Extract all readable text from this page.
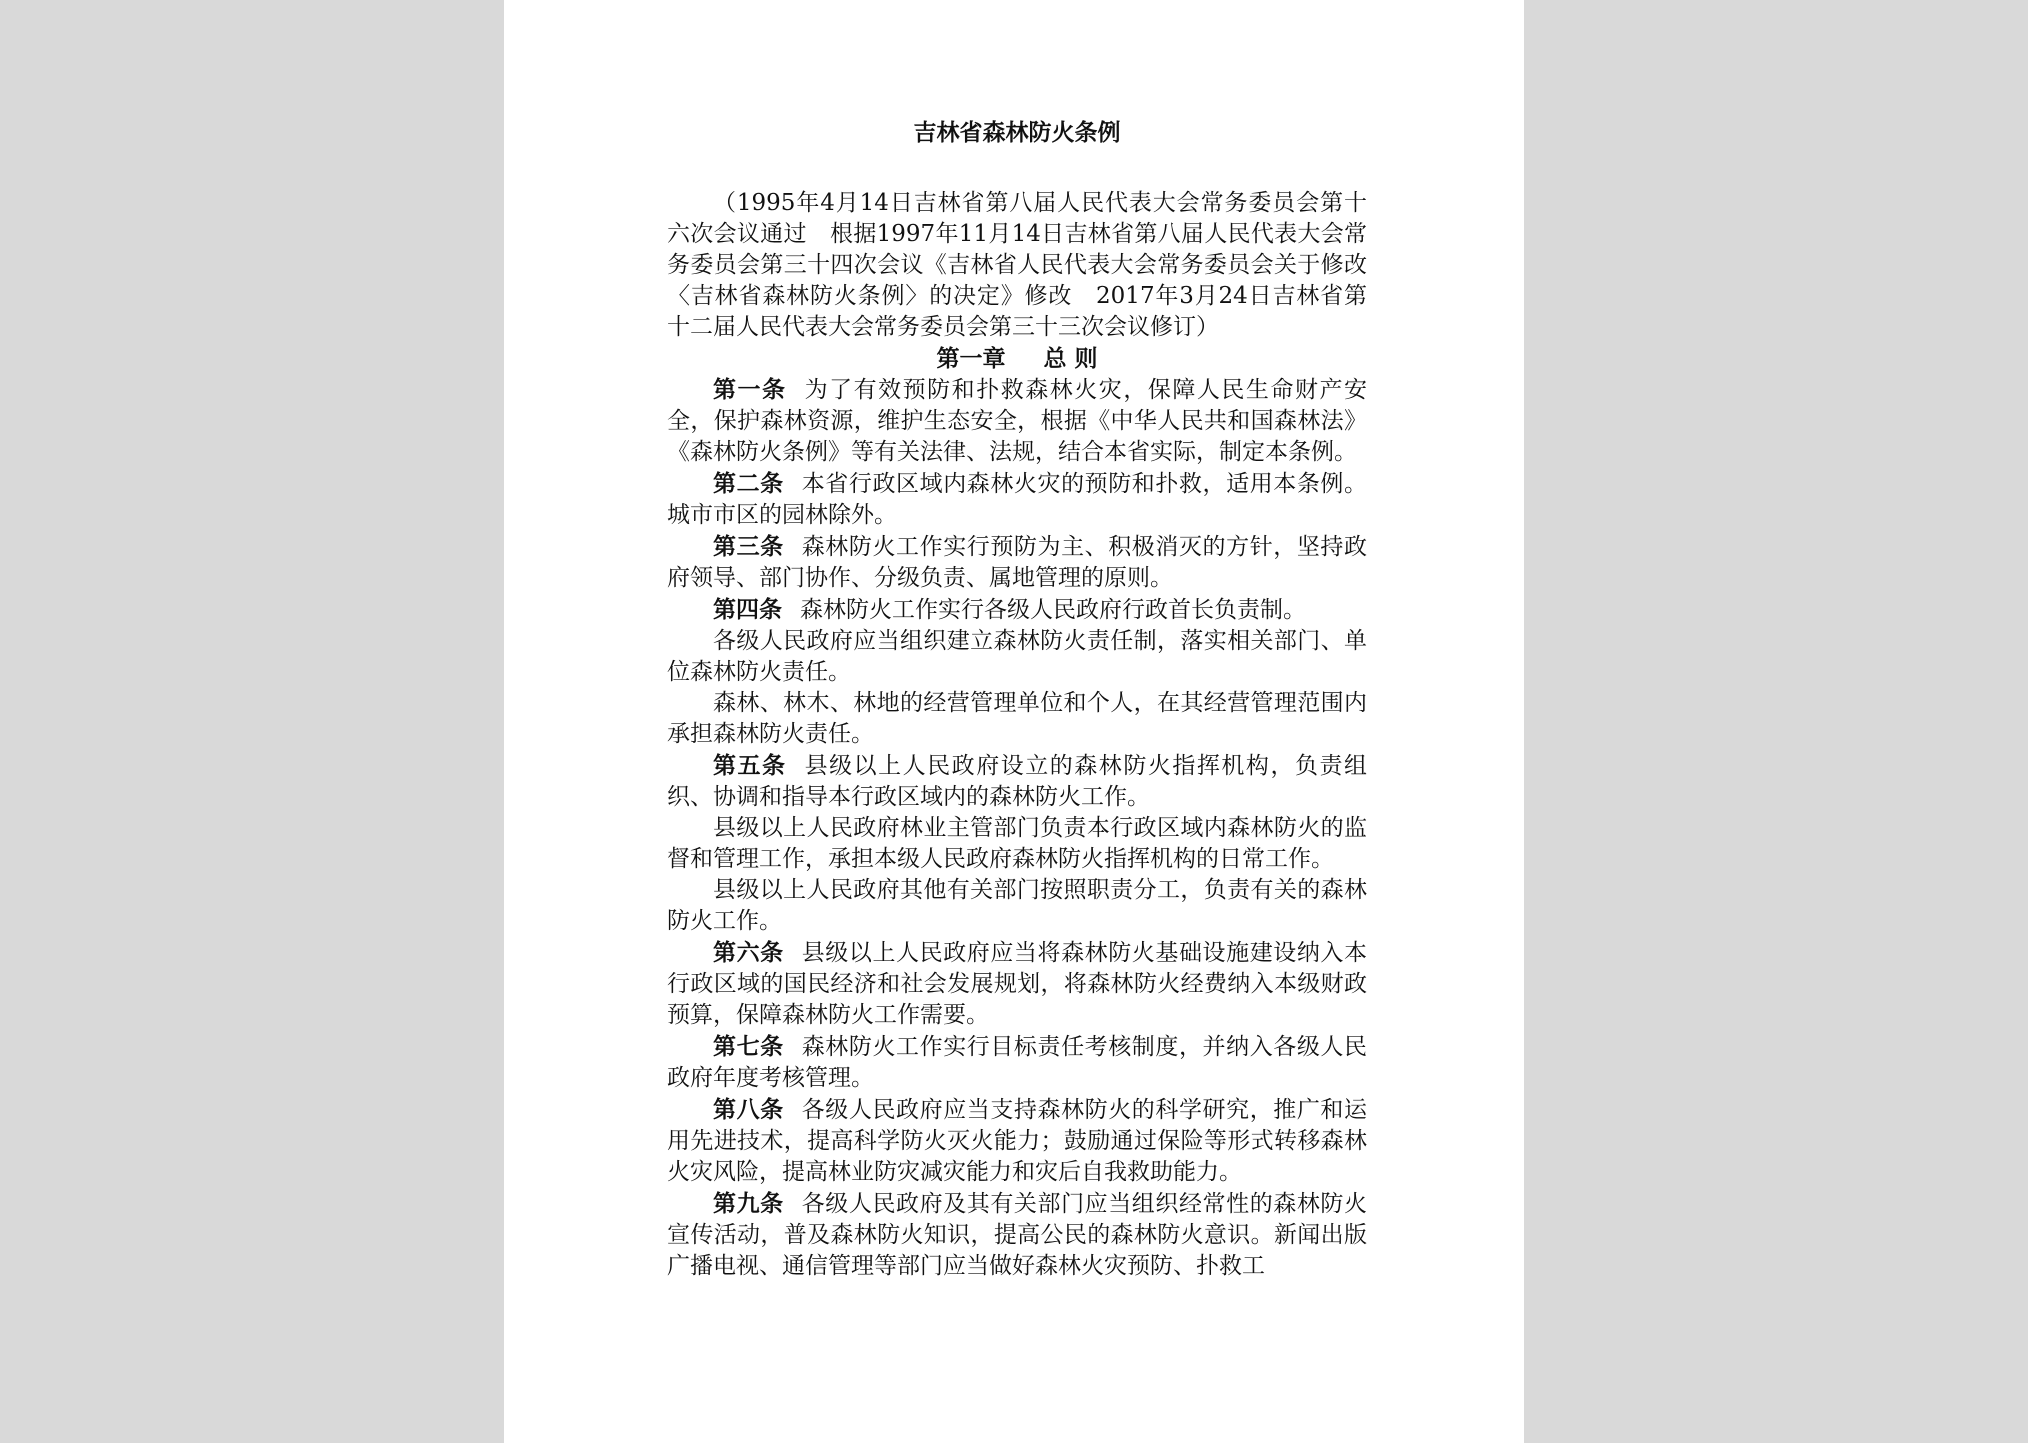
吉林省森林防火条例

（1995年4月14日吉林省第八届人民代表大会常务委员会第十六次会议通过　根据1997年11月14日吉林省第八届人民代表大会常务委员会第三十四次会议《吉林省人民代表大会常务委员会关于修改〈吉林省森林防火条例〉的决定》修改　2017年3月24日吉林省第十二届人民代表大会常务委员会第三十三次会议修订）

第一章 总 则

第一条 为了有效预防和扑救森林火灾，保障人民生命财产安全，保护森林资源，维护生态安全，根据《中华人民共和国森林法》《森林防火条例》等有关法律、法规，结合本省实际，制定本条例。

第二条 本省行政区域内森林火灾的预防和扑救，适用本条例。城市市区的园林除外。

第三条 森林防火工作实行预防为主、积极消灭的方针，坚持政府领导、部门协作、分级负责、属地管理的原则。

第四条 森林防火工作实行各级人民政府行政首长负责制。

各级人民政府应当组织建立森林防火责任制，落实相关部门、单位森林防火责任。

森林、林木、林地的经营管理单位和个人，在其经营管理范围内承担森林防火责任。

第五条 县级以上人民政府设立的森林防火指挥机构，负责组织、协调和指导本行政区域内的森林防火工作。

县级以上人民政府林业主管部门负责本行政区域内森林防火的监督和管理工作，承担本级人民政府森林防火指挥机构的日常工作。

县级以上人民政府其他有关部门按照职责分工，负责有关的森林防火工作。

第六条 县级以上人民政府应当将森林防火基础设施建设纳入本行政区域的国民经济和社会发展规划，将森林防火经费纳入本级财政预算，保障森林防火工作需要。

第七条 森林防火工作实行目标责任考核制度，并纳入各级人民政府年度考核管理。

第八条 各级人民政府应当支持森林防火的科学研究，推广和运用先进技术，提高科学防火灭火能力；鼓励通过保险等形式转移森林火灾风险，提高林业防灾减灾能力和灾后自我救助能力。

第九条 各级人民政府及其有关部门应当组织经常性的森林防火宣传活动，普及森林防火知识，提高公民的森林防火意识。新闻出版广播电视、通信管理等部门应当做好森林火灾预防、扑救工
